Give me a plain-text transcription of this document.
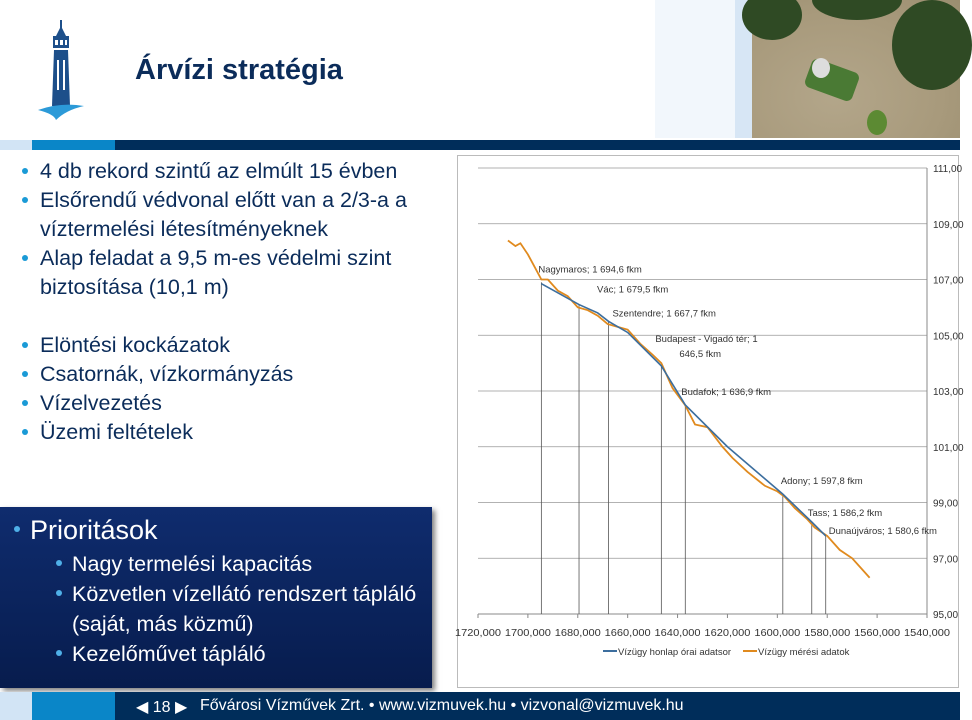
Árvízi stratégia
4 db rekord szintű az elmúlt 15 évben
Elsőrendű védvonal előtt van a 2/3-a a víztermelési létesítményeknek
Alap feladat a 9,5 m-es védelmi szint biztosítása (10,1 m)
Elöntési kockázatok
Csatornák, vízkormányzás
Vízelvezetés
Üzemi feltételek
Prioritások
Nagy termelési kapacitás
Közvetlen vízellátó rendszert tápláló (saját, más közmű)
Kezelőművet tápláló
95,00
97,00
99,00
101,00
103,00
105,00
107,00
109,00
111,00
1720,000 1700,000 1680,000 1660,000 1640,000 1620,000 1600,000 1580,000 1560,000 1540,000
Nagymaros; 1 694,6 fkm
Vác; 1 679,5 fkm
Szentendre; 1 667,7 fkm
Budapest - Vigadó tér; 1
646,5 fkm
Budafok; 1 636,9 fkm
Adony; 1 597,8 fkm
Tass; 1 586,2 fkm
Dunaújváros; 1 580,6 fkm
Vízügy honlap órai adatsor	Vízügy mérési adatok
◀ 18 ▶ Fővárosi Vízművek Zrt. • www.vizmuvek.hu • vizvonal@vizmuvek.hu
